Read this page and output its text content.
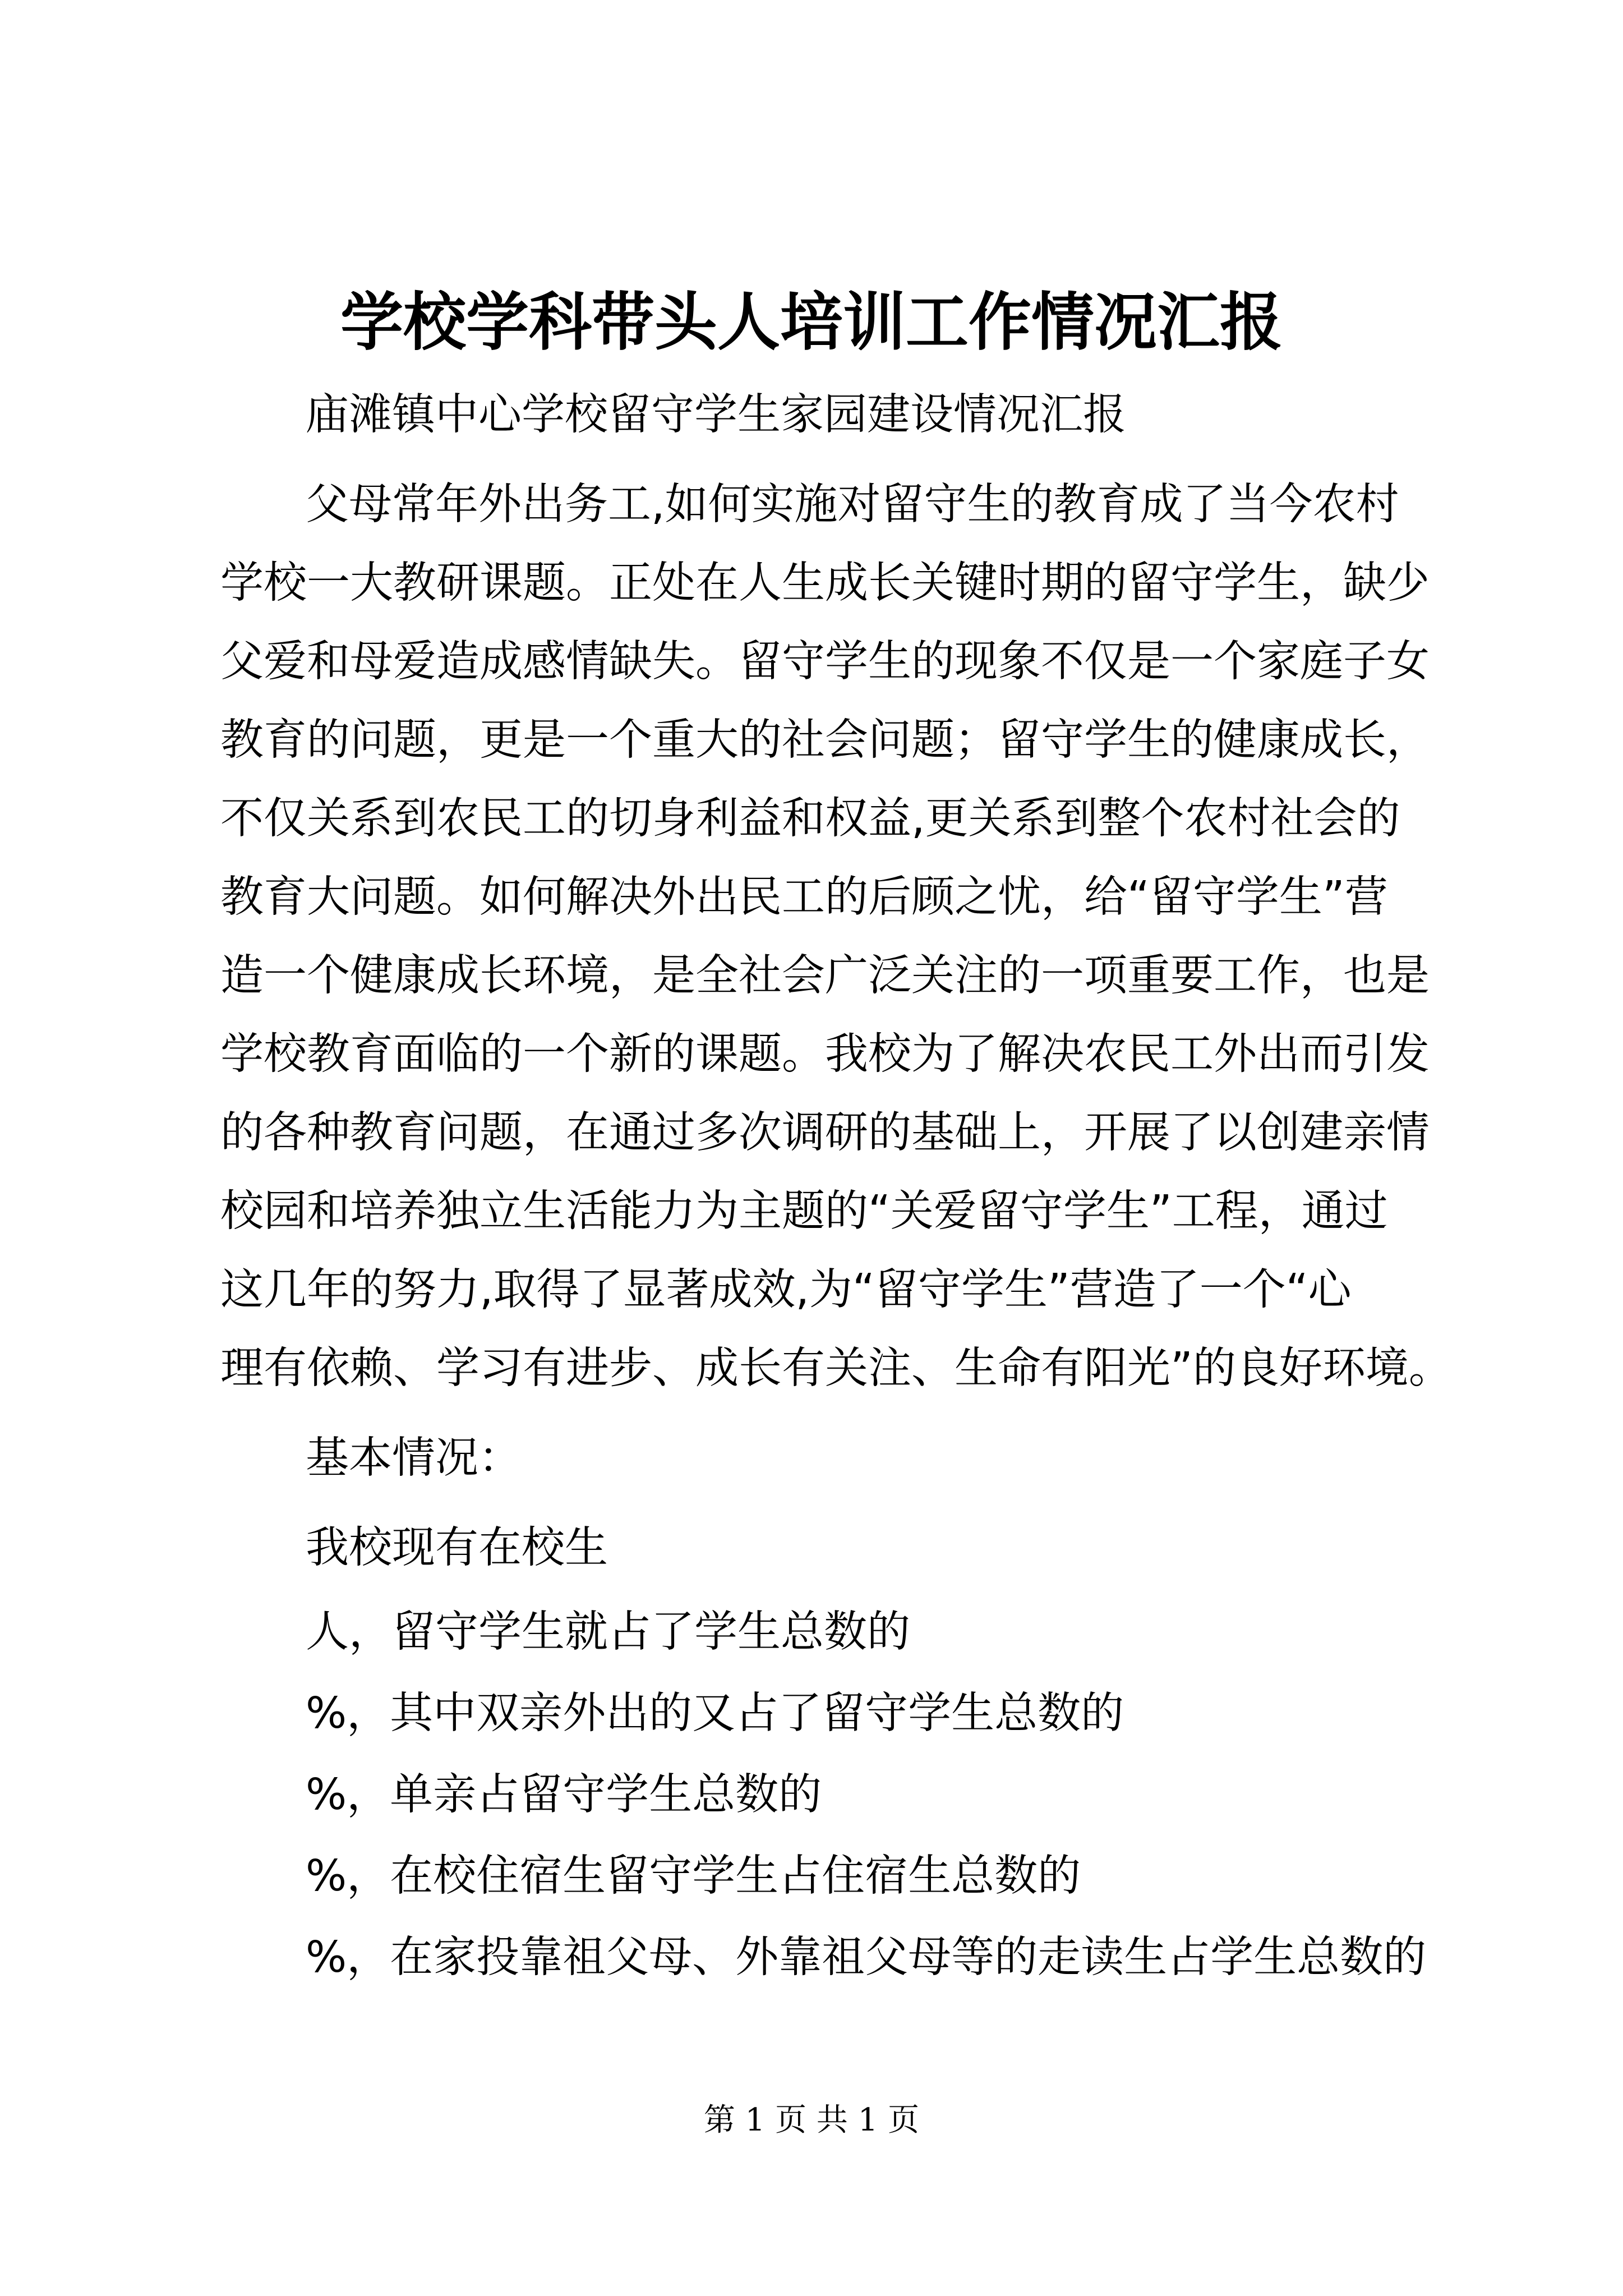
学校学科带头人培训工作情况汇报
庙滩镇中心学校留守学生家园建设情况汇报
父母常年外出务工,如何实施对留守生的教育成了当今农村
学校一大教研课题。正处在人生成长关键时期的留守学生，缺少
父爱和母爱造成感情缺失。留守学生的现象不仅是一个家庭子女
教育的问题，更是一个重大的社会问题；留守学生的健康成长，
不仅关系到农民工的切身利益和权益,更关系到整个农村社会的
教育大问题。如何解决外出民工的后顾之忧，给“留守学生”营
造一个健康成长环境，是全社会广泛关注的一项重要工作，也是
学校教育面临的一个新的课题。我校为了解决农民工外出而引发
的各种教育问题，在通过多次调研的基础上，开展了以创建亲情
校园和培养独立生活能力为主题的“关爱留守学生”工程，通过
这几年的努力,取得了显著成效,为“留守学生”营造了一个“心
理有依赖、学习有进步、成长有关注、生命有阳光”的良好环境。
基本情况：
我校现有在校生
人，留守学生就占了学生总数的
%，其中双亲外出的又占了留守学生总数的
%，单亲占留守学生总数的
%，在校住宿生留守学生占住宿生总数的
%，在家投靠祖父母、外靠祖父母等的走读生占学生总数的
第 1 页 共 1 页
